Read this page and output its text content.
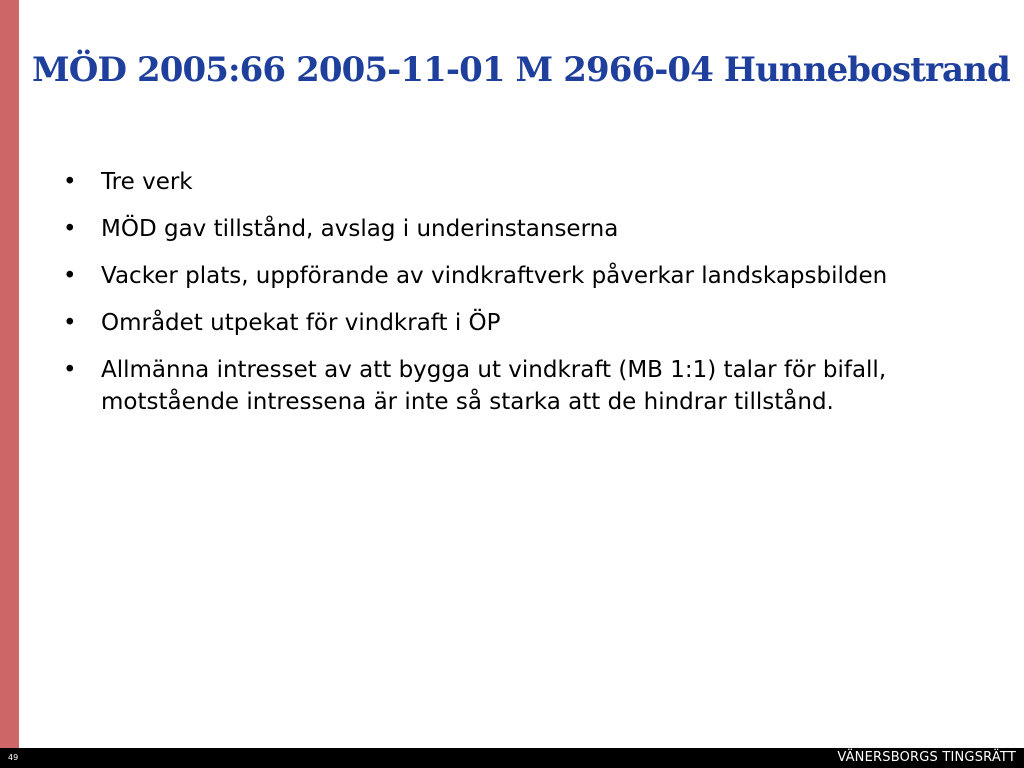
MÖD 2005:66 2005-11-01 M 2966-04 Hunnebostrand
•	Tre verk
•	MÖD gav tillstånd, avslag i underinstanserna
•	Vacker plats, uppförande av vindkraftverk påverkar landskapsbilden
•	Området utpekat för vindkraft i ÖP
•	Allmänna intresset av att bygga ut vindkraft (MB 1:1) talar för bifall, motstående intressena är inte så starka att de hindrar tillstånd.
49	VÄNERSBORGS TINGSRÄTT
